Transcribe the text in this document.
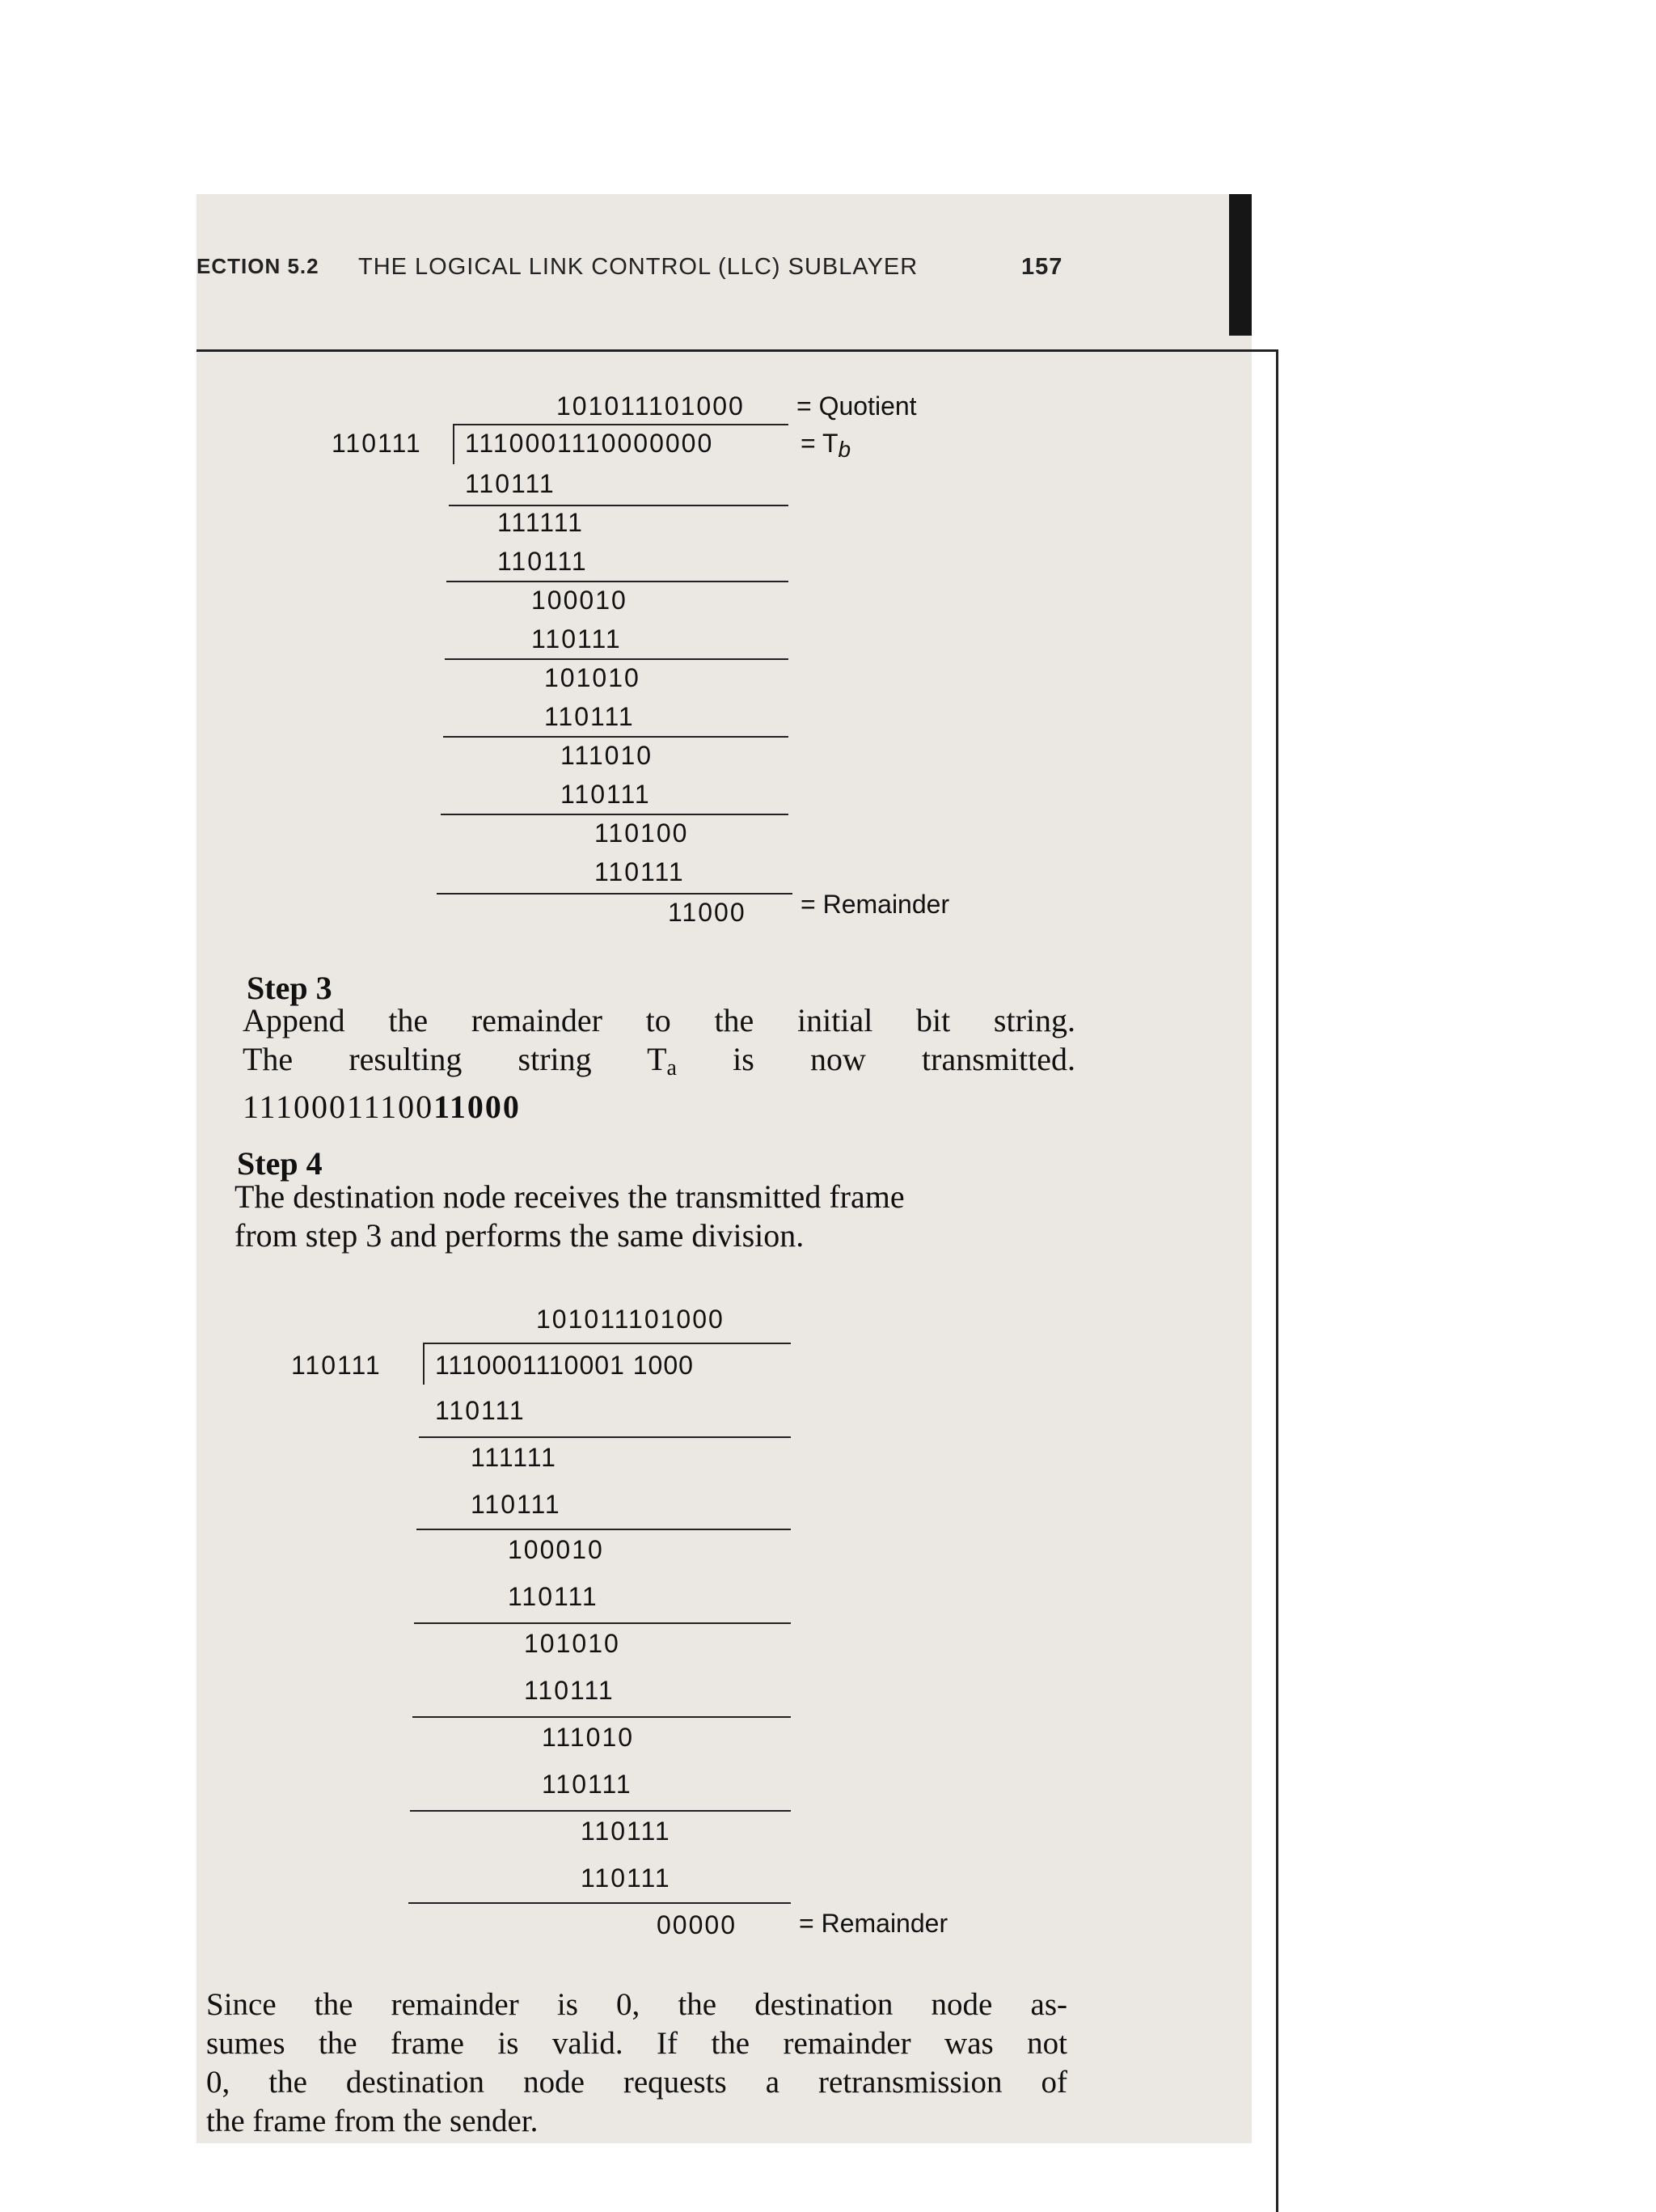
ECTION 5.2 THE LOGICAL LINK CONTROL (LLC) SUBLAYER	157
101011101000 = Quotient
110111 1110001110000000	= Tb
110111
111111
110111
100010
110111
101010
110111
111010
110111
110100
110111
11000 = Remainder
Step 3
Append the remainder to the initial bit string.
The resulting string $T_a$ is now transmitted.
1110001110011000
Step 4
The destination node receives the transmitted frame
from step 3 and performs the same division.
101011101000
110111 1110001110001 1000
110111
111111
110111
100010
110111
101010
110111
111010
110111
110111
110111
00000 = Remainder
Since the remainder is 0, the destination node as-
sumes the frame is valid. If the remainder was not
0, the destination node requests a retransmission of
the frame from the sender.
